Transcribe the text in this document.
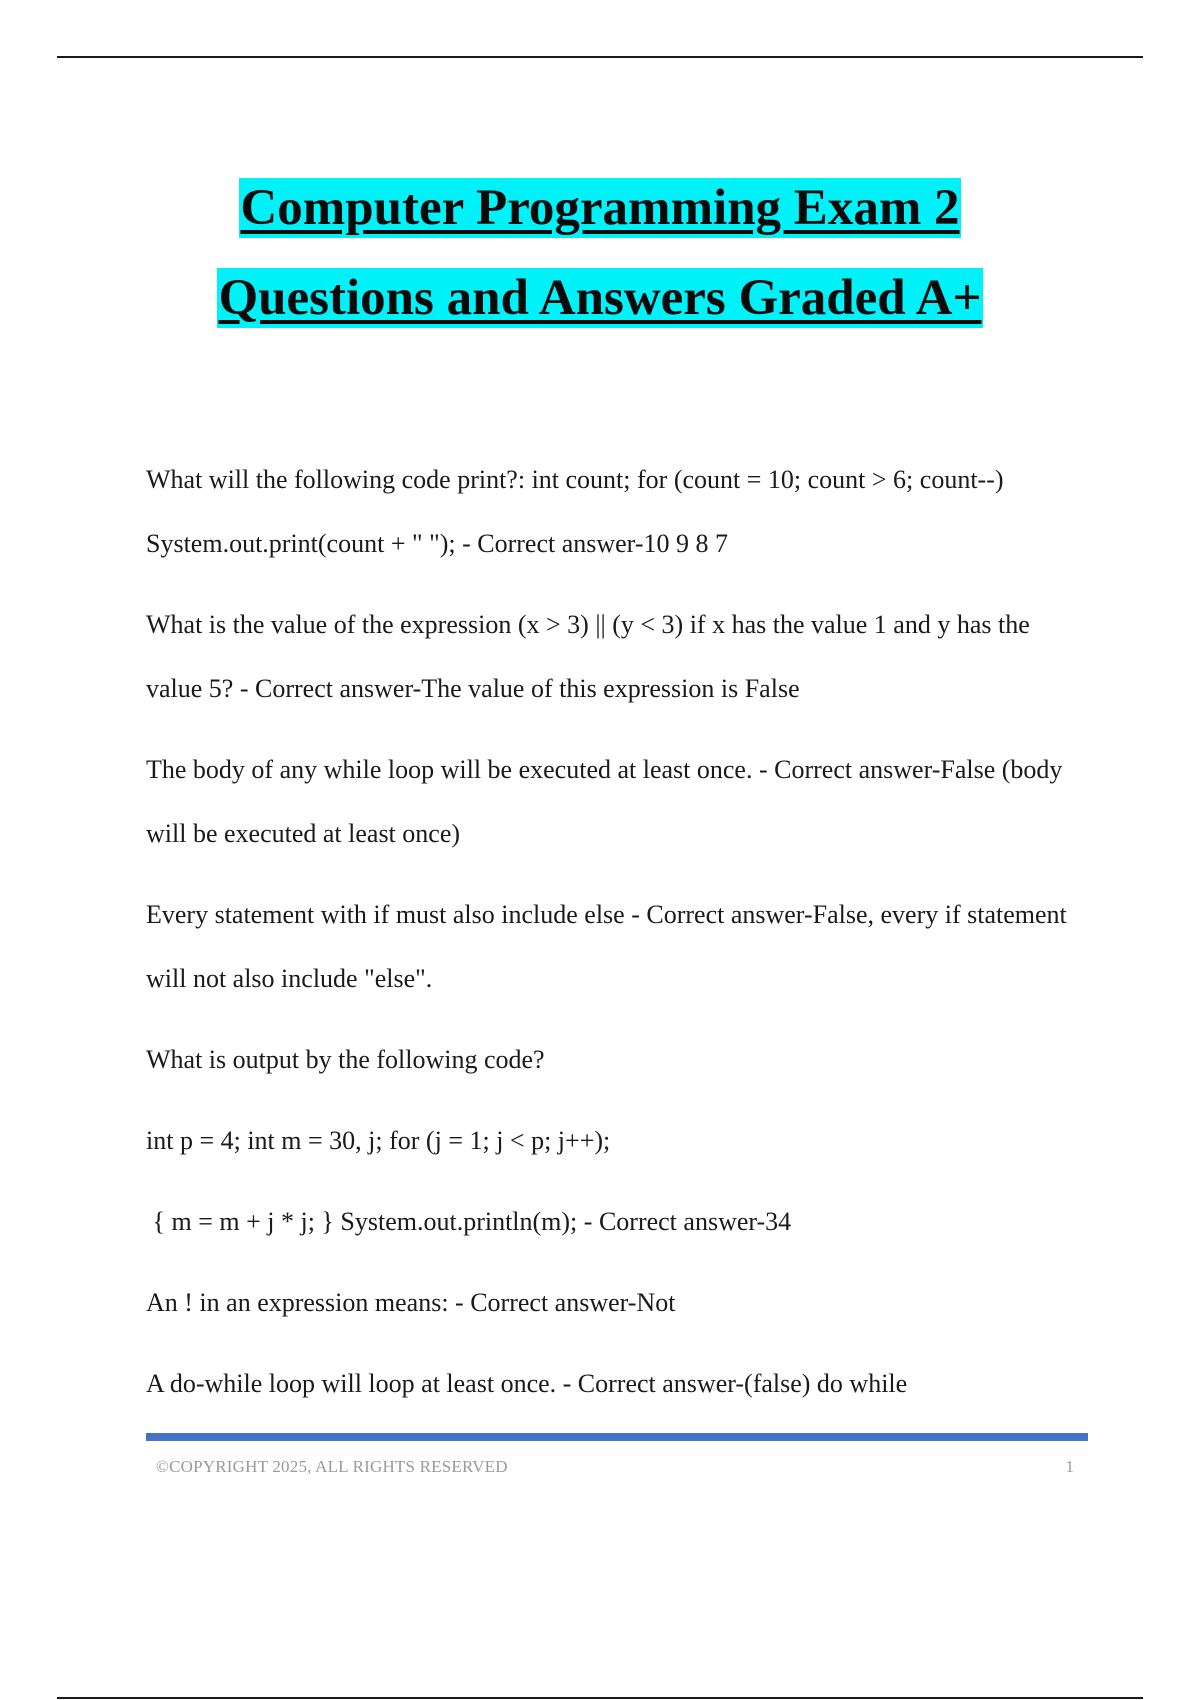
Computer Programming Exam 2
Questions and Answers Graded A+

What will the following code print?: int count; for (count = 10; count > 6; count--) System.out.print(count + " "); - Correct answer-10 9 8 7

What is the value of the expression (x > 3) || (y < 3) if x has the value 1 and y has the value 5? - Correct answer-The value of this expression is False

The body of any while loop will be executed at least once. - Correct answer-False (body will be executed at least once)

Every statement with if must also include else - Correct answer-False, every if statement will not also include "else".

What is output by the following code?

int p = 4; int m = 30, j; for (j = 1; j < p; j++);

{ m = m + j * j; } System.out.println(m); - Correct answer-34

An ! in an expression means: - Correct answer-Not

A do-while loop will loop at least once. - Correct answer-(false) do while

©COPYRIGHT 2025, ALL RIGHTS RESERVED	1
